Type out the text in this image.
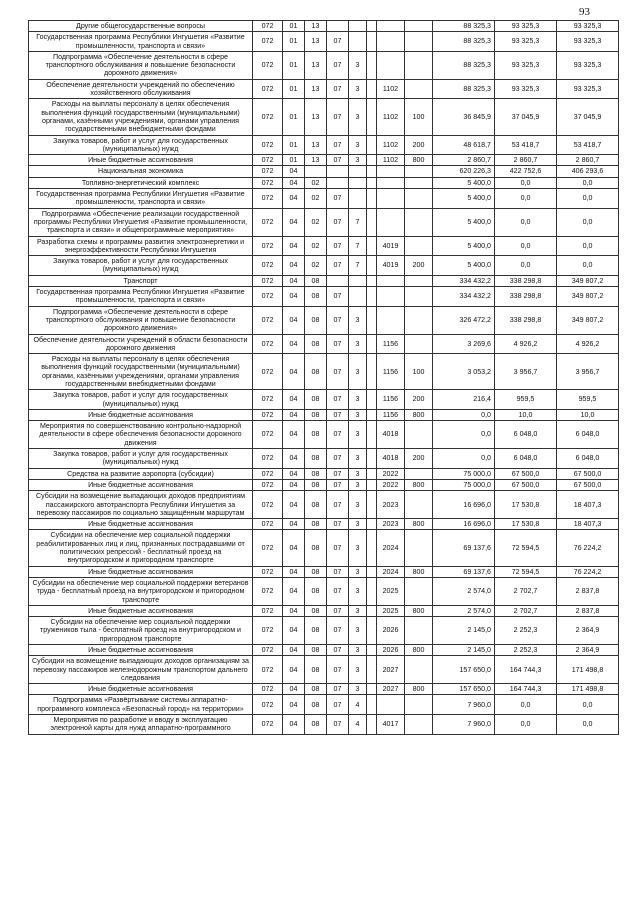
93
Другие общегосударственные вопросы	072	01	13						88 325,3	93 325,3	93 325,3
Государственная программа Республики Ингушетия «Развитие промышленности, транспорта и связи»	072	01	13	07					88 325,3	93 325,3	93 325,3
Подпрограмма «Обеспечение деятельности в сфере транспортного обслуживания и повышение безопасности дорожного движения»	072	01	13	07	3				88 325,3	93 325,3	93 325,3
Обеспечение деятельности учреждений по обеспечению хозяйственного обслуживания	072	01	13	07	3		1102		88 325,3	93 325,3	93 325,3
Расходы на выплаты персоналу в целях обеспечения выполнения функций государственными (муниципальными) органами, казёнными учреждениями, органами управления государственными внебюджетными фондами	072	01	13	07	3		1102	100	36 845,9	37 045,9	37 045,9
Закупка товаров, работ и услуг для государственных (муниципальных) нужд	072	01	13	07	3		1102	200	48 618,7	53 418,7	53 418,7
Иные бюджетные ассигнования	072	01	13	07	3		1102	800	2 860,7	2 860,7	2 860,7
Национальная экономика	072	04							620 226,3	422 752,6	406 293,6
Топливно-энергетический комплекс	072	04	02						5 400,0	0,0	0,0
Государственная программа Республики Ингушетия «Развитие промышленности, транспорта и связи»	072	04	02	07					5 400,0	0,0	0,0
Подпрограмма «Обеспечение реализации государственной программы Республики Ингушетия «Развитие промышленности, транспорта и связи» и общепрограммные мероприятия»	072	04	02	07	7				5 400,0	0,0	0,0
Разработка схемы и программы развития электроэнергетики и энергоэффективности Республики Ингушетия	072	04	02	07	7		4019		5 400,0	0,0	0,0
Закупка товаров, работ и услуг для государственных (муниципальных) нужд	072	04	02	07	7		4019	200	5 400,0	0,0	0,0
Транспорт	072	04	08						334 432,2	338 298,8	349 807,2
Государственная программа Республики Ингушетия «Развитие промышленности, транспорта и связи»	072	04	08	07					334 432,2	338 298,8	349 807,2
Подпрограмма «Обеспечение деятельности в сфере транспортного обслуживания и повышение безопасности дорожного движения»	072	04	08	07	3				326 472,2	338 298,8	349 807,2
Обеспечение деятельности учреждений в области безопасности дорожного движения	072	04	08	07	3		1156		3 269,6	4 926,2	4 926,2
Расходы на выплаты персоналу в целях обеспечения выполнения функций государственными (муниципальными) органами, казёнными учреждениями, органами управления государственными внебюджетными фондами	072	04	08	07	3		1156	100	3 053,2	3 956,7	3 956,7
Закупка товаров, работ и услуг для государственных (муниципальных) нужд	072	04	08	07	3		1156	200	216,4	959,5	959,5
Иные бюджетные ассигнования	072	04	08	07	3		1156	800	0,0	10,0	10,0
Мероприятия по совершенствованию контрольно-надзорной деятельности в сфере обеспечения безопасности дорожного движения	072	04	08	07	3		4018		0,0	6 048,0	6 048,0
Закупка товаров, работ и услуг для государственных (муниципальных) нужд	072	04	08	07	3		4018	200	0,0	6 048,0	6 048,0
Средства на развитие аэропорта (субсидии)	072	04	08	07	3		2022		75 000,0	67 500,0	67 500,0
Иные бюджетные ассигнования	072	04	08	07	3		2022	800	75 000,0	67 500,0	67 500,0
Субсидии на возмещение выпадающих доходов предприятиям пассажирского автотранспорта Республики Ингушетия за перевозку пассажиров по социально защищённым маршрутам	072	04	08	07	3		2023		16 696,0	17 530,8	18 407,3
Иные бюджетные ассигнования	072	04	08	07	3		2023	800	16 696,0	17 530,8	18 407,3
Субсидии на обеспечение мер социальной поддержки реабилитированных лиц и лиц, признанных пострадавшими от политических репрессий - бесплатный проезд на внутригородском и пригородном транспорте	072	04	08	07	3		2024		69 137,6	72 594,5	76 224,2
Иные бюджетные ассигнования	072	04	08	07	3		2024	800	69 137,6	72 594,5	76 224,2
Субсидии на обеспечение мер социальной поддержки ветеранов труда - бесплатный проезд на внутригородском и пригородном транспорте	072	04	08	07	3		2025		2 574,0	2 702,7	2 837,8
Иные бюджетные ассигнования	072	04	08	07	3		2025	800	2 574,0	2 702,7	2 837,8
Субсидии на обеспечение мер социальной поддержки тружеников тыла - бесплатный проезд на внутригородском и пригородном транспорте	072	04	08	07	3		2026		2 145,0	2 252,3	2 364,9
Иные бюджетные ассигнования	072	04	08	07	3		2026	800	2 145,0	2 252,3	2 364,9
Субсидии на возмещение выпадающих доходов организациям за перевозку пассажиров железнодорожным транспортом дальнего следования	072	04	08	07	3		2027		157 650,0	164 744,3	171 498,8
Иные бюджетные ассигнования	072	04	08	07	3		2027	800	157 650,0	164 744,3	171 498,8
Подпрограмма «Развёртывание системы аппаратно-программного комплекса «Безопасный город» на территории»	072	04	08	07	4				7 960,0	0,0	0,0
Мероприятия по разработке и вводу в эксплуатацию электронной карты для нужд аппаратно-программного	072	04	08	07	4		4017		7 960,0	0,0	0,0
